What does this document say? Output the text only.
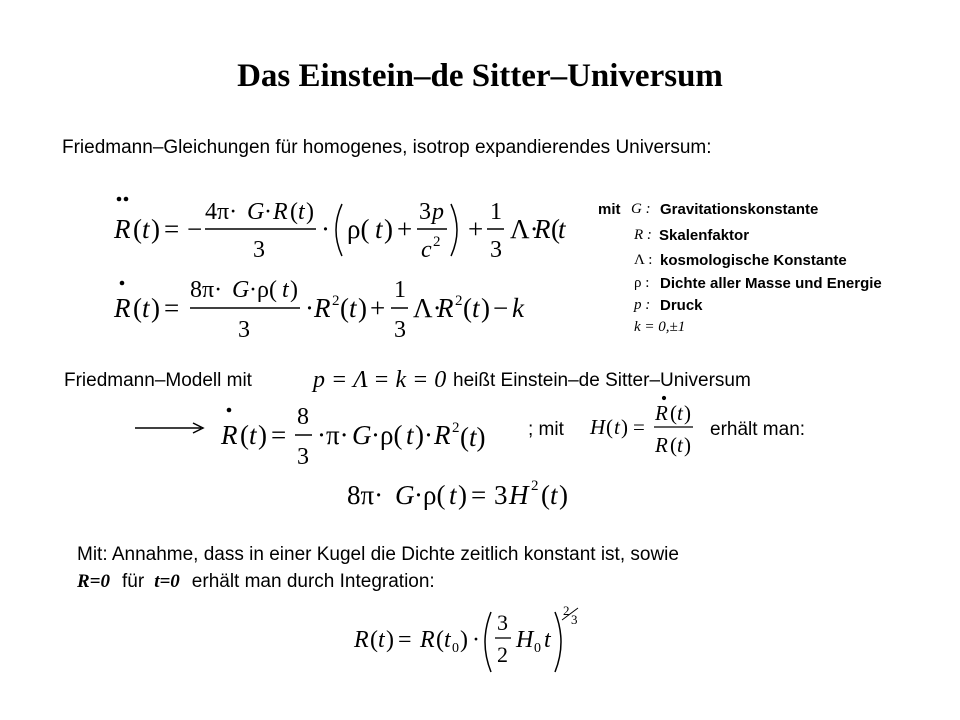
Das Einstein–de Sitter–Universum
Friedmann–Gleichungen für homogenes, isotrop expandierendes Universum:
R ( t ) = −
4π· G · R ( t )
3
· ρ( t ) +
3 p
c 2 +
1
3
Λ·
R (
t
R ( t ) =
8π· G ·ρ( t )
3
· R 2 ( t ) +
1
3
Λ·
R 2 ( t ) − k
mit G : Gravitationskonstante
R : Skalenfaktor
Λ : kosmologische Konstante
ρ : Dichte aller Masse und Energie
p : Druck
k = 0,±1
Friedmann–Modell mit	p = Λ = k = 0 heißt Einstein–de Sitter–Universum
R ( t ) =
8
3
·π· G ·ρ( t )· R 2 (t) ; mit H ( t ) =
R ( t )
R ( t )
erhält man:
8π· G ·ρ( t ) = 3 H 2 ( t )
Mit: Annahme, dass in einer Kugel die Dichte zeitlich konstant ist, sowie
R=0 für t=0 erhält man durch Integration:
R ( t ) = R ( t 0 ) ·
3
2
H 0 t
2
3
